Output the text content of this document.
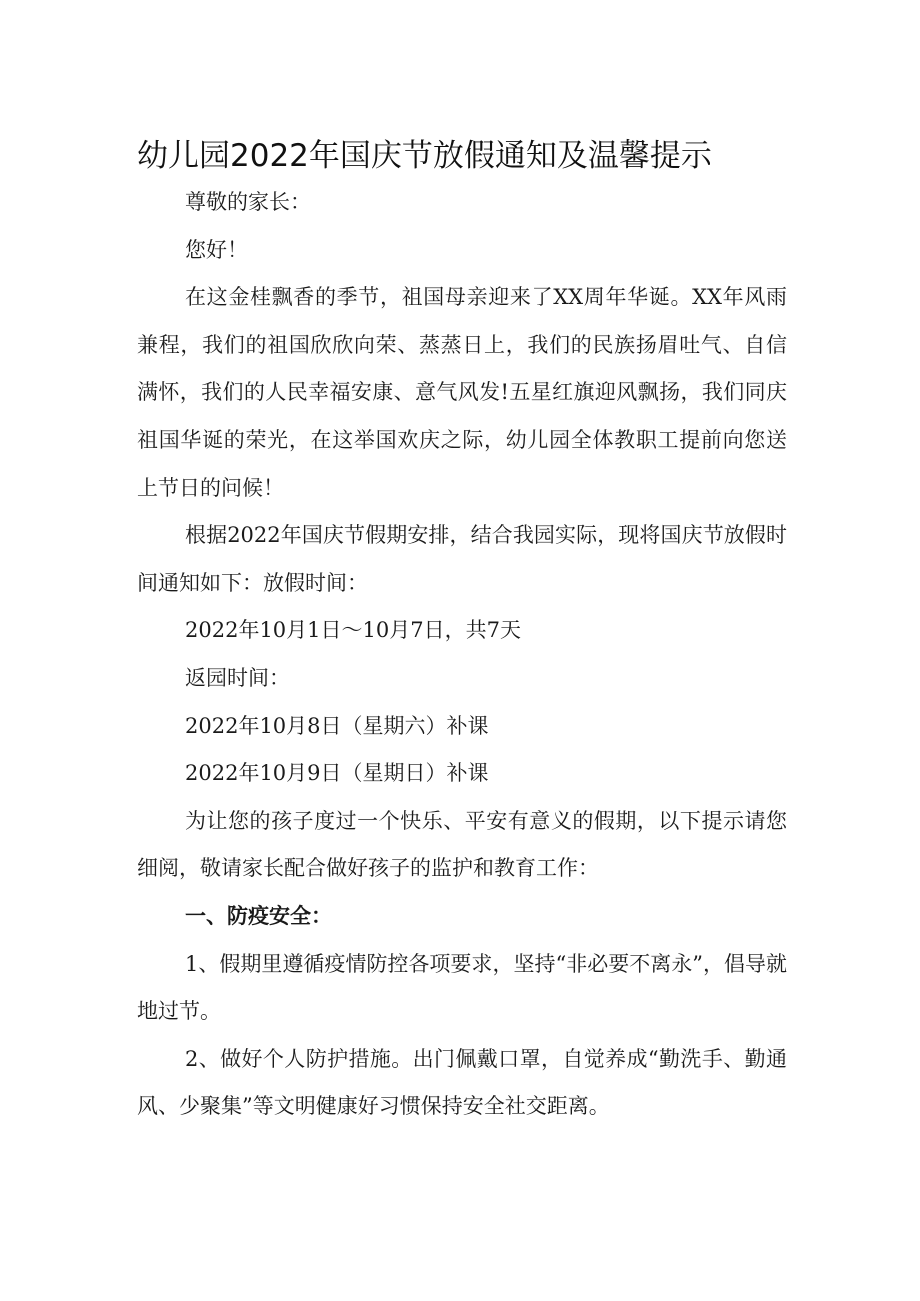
幼儿园2022年国庆节放假通知及温馨提示

尊敬的家长：

您好！

在这金桂飘香的季节，祖国母亲迎来了XX周年华诞。XX年风雨兼程，我们的祖国欣欣向荣、蒸蒸日上，我们的民族扬眉吐气、自信满怀，我们的人民幸福安康、意气风发!五星红旗迎风飘扬，我们同庆祖国华诞的荣光，在这举国欢庆之际，幼儿园全体教职工提前向您送上节日的问候！

根据2022年国庆节假期安排，结合我园实际，现将国庆节放假时间通知如下：放假时间：

2022年10月1日～10月7日，共7天

返园时间：

2022年10月8日（星期六）补课

2022年10月9日（星期日）补课

为让您的孩子度过一个快乐、平安有意义的假期，以下提示请您细阅，敬请家长配合做好孩子的监护和教育工作：

一、防疫安全：

1、假期里遵循疫情防控各项要求，坚持“非必要不离永”，倡导就地过节。

2、做好个人防护措施。出门佩戴口罩，自觉养成“勤洗手、勤通风、少聚集”等文明健康好习惯保持安全社交距离。
